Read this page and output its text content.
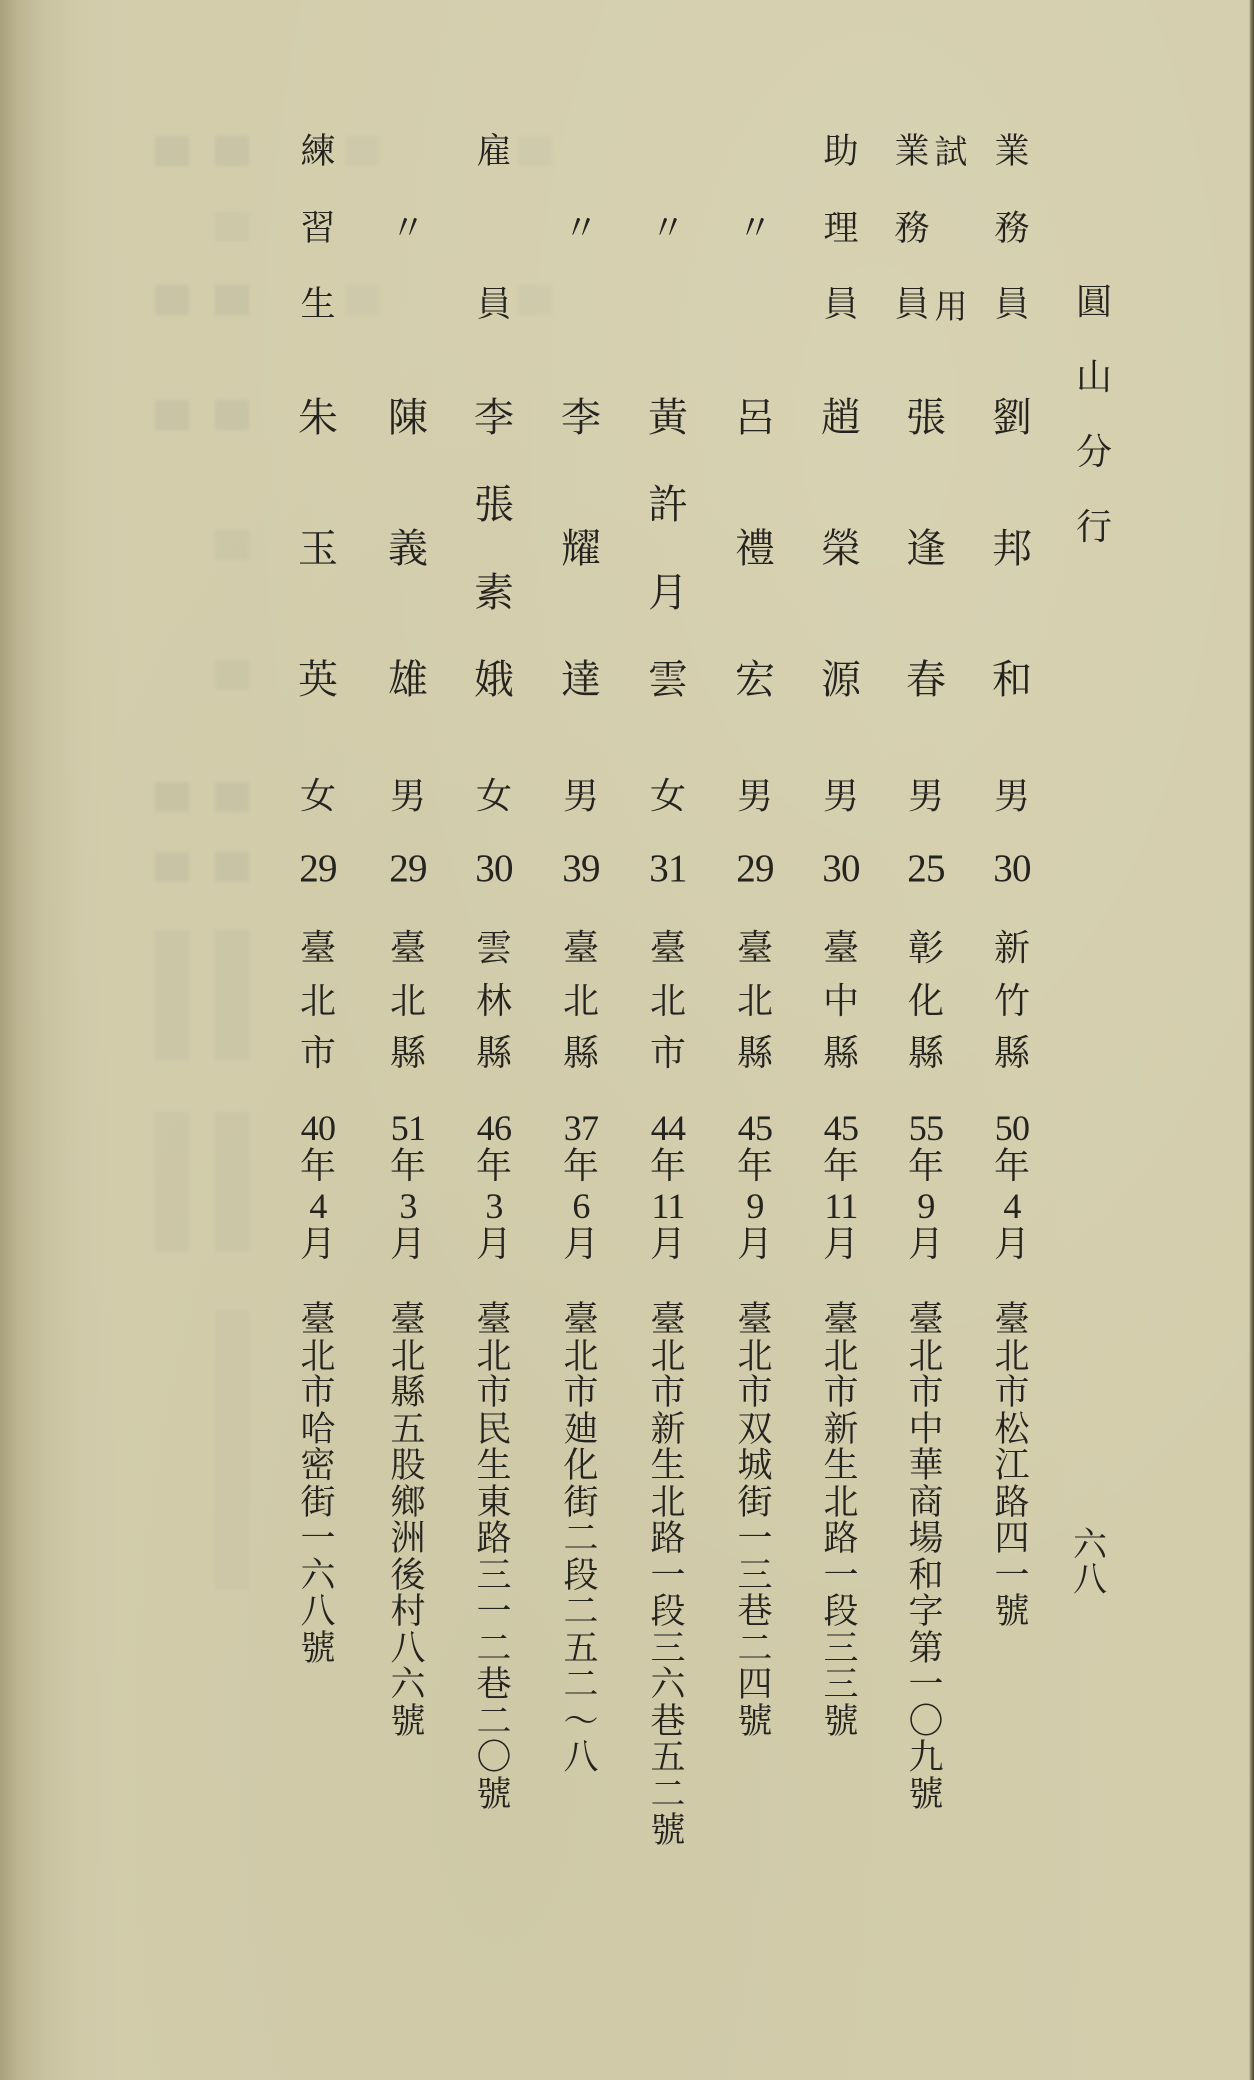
圓
山
分
行
業
務
員
劉
邦
和
男
30
新
竹
縣
50
年
4
月
臺
北
市
松
江
路
四
一
號
業
務
員
試
用
張
逢
春
男
25
彰
化
縣
55
年
9
月
臺
北
市
中
華
商
場
和
字
第
一
〇
九
號
助
理
員
趙
榮
源
男
30
臺
中
縣
45
年
11
月
臺
北
市
新
生
北
路
一
段
三
三
號
〃
呂
禮
宏
男
29
臺
北
縣
45
年
9
月
臺
北
市
双
城
街
一
三
巷
二
四
號
〃
黃
許
月
雲
女
31
臺
北
市
44
年
11
月
臺
北
市
新
生
北
路
一
段
三
六
巷
五
二
號
〃
李
耀
達
男
39
臺
北
縣
37
年
6
月
臺
北
市
廸
化
街
二
段
二
五
二
～
八
雇
員
李
張
素
娥
女
30
雲
林
縣
46
年
3
月
臺
北
市
民
生
東
路
三
一
二
巷
二
〇
號
〃
陳
義
雄
男
29
臺
北
縣
51
年
3
月
臺
北
縣
五
股
鄉
洲
後
村
八
六
號
練
習
生
朱
玉
英
女
29
臺
北
市
40
年
4
月
臺
北
市
哈
密
街
一
六
八
號
六
八
